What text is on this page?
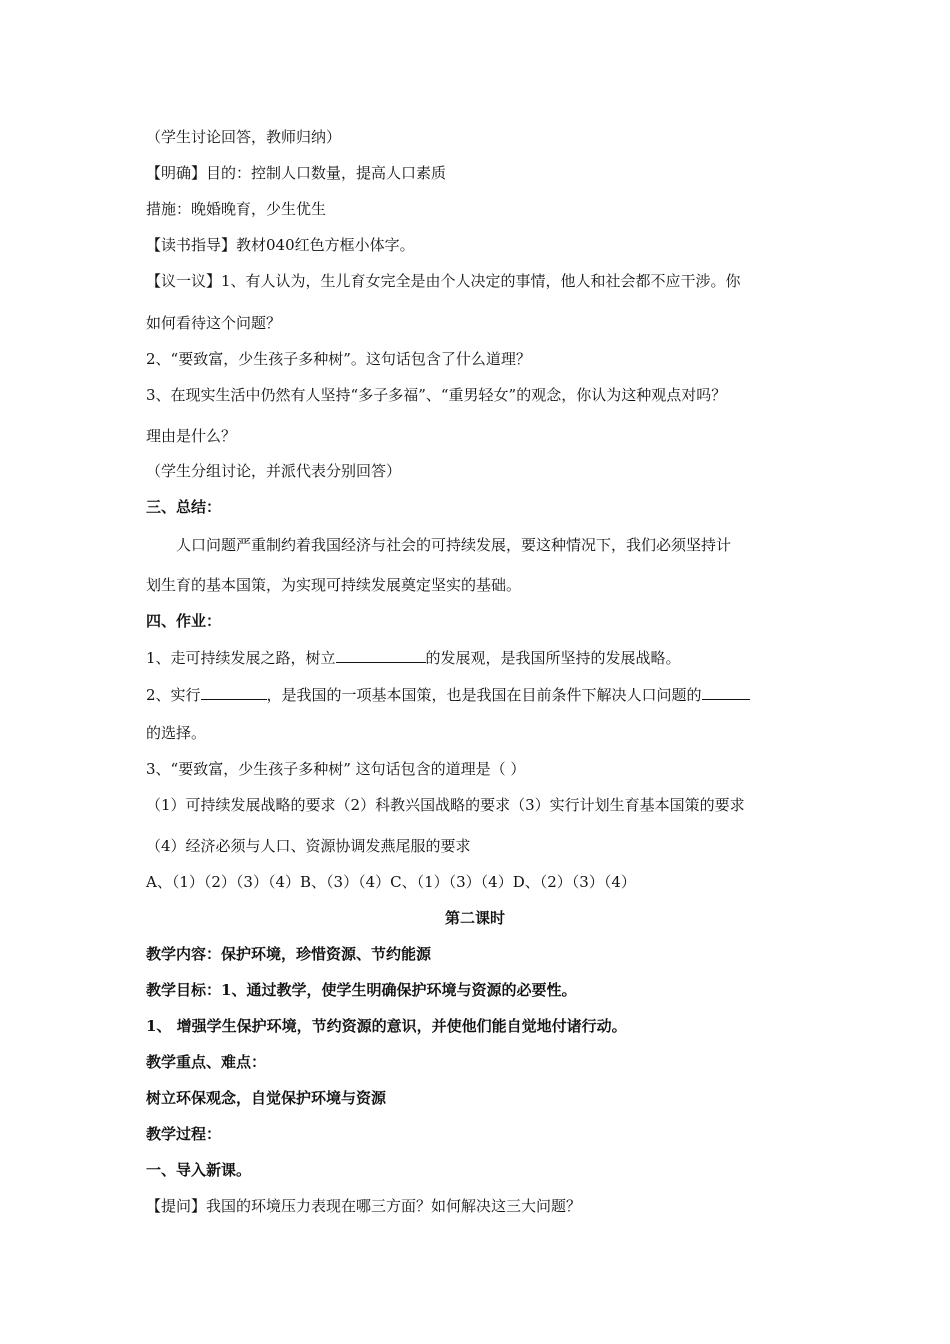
（学生讨论回答，教师归纳）
【明确】目的：控制人口数量，提高人口素质
措施：晚婚晚育，少生优生
【读书指导】教材040红色方框小体字。
【议一议】1、有人认为，生儿育女完全是由个人决定的事情，他人和社会都不应干涉。你
如何看待这个问题？
2、“要致富，少生孩子多种树”。这句话包含了什么道理？
3、在现实生活中仍然有人坚持“多子多福”、“重男轻女”的观念，你认为这种观点对吗？
理由是什么？
（学生分组讨论，并派代表分别回答）
三、总结：
人口问题严重制约着我国经济与社会的可持续发展，要这种情况下，我们必须坚持计
划生育的基本国策，为实现可持续发展奠定坚实的基础。
四、作业：
1、走可持续发展之路，树立	的发展观，是我国所坚持的发展战略。
2、实行	，是我国的一项基本国策，也是我国在目前条件下解决人口问题的
的选择。
3、“要致富，少生孩子多种树” 这句话包含的道理是（ ）
（1）可持续发展战略的要求（2）科教兴国战略的要求（3）实行计划生育基本国策的要求
（4）经济必须与人口、资源协调发燕尾服的要求
A、（1）（2）（3）（4）B、（3）（4）C、（1）（3）（4）D、（2）（3）（4）
第二课时
教学内容：保护环境，珍惜资源、节约能源
教学目标：1、通过教学，使学生明确保护环境与资源的必要性。
1、 增强学生保护环境，节约资源的意识，并使他们能自觉地付诸行动。
教学重点、难点：
树立环保观念，自觉保护环境与资源
教学过程：
一、导入新课。
【提问】我国的环境压力表现在哪三方面？如何解决这三大问题？
